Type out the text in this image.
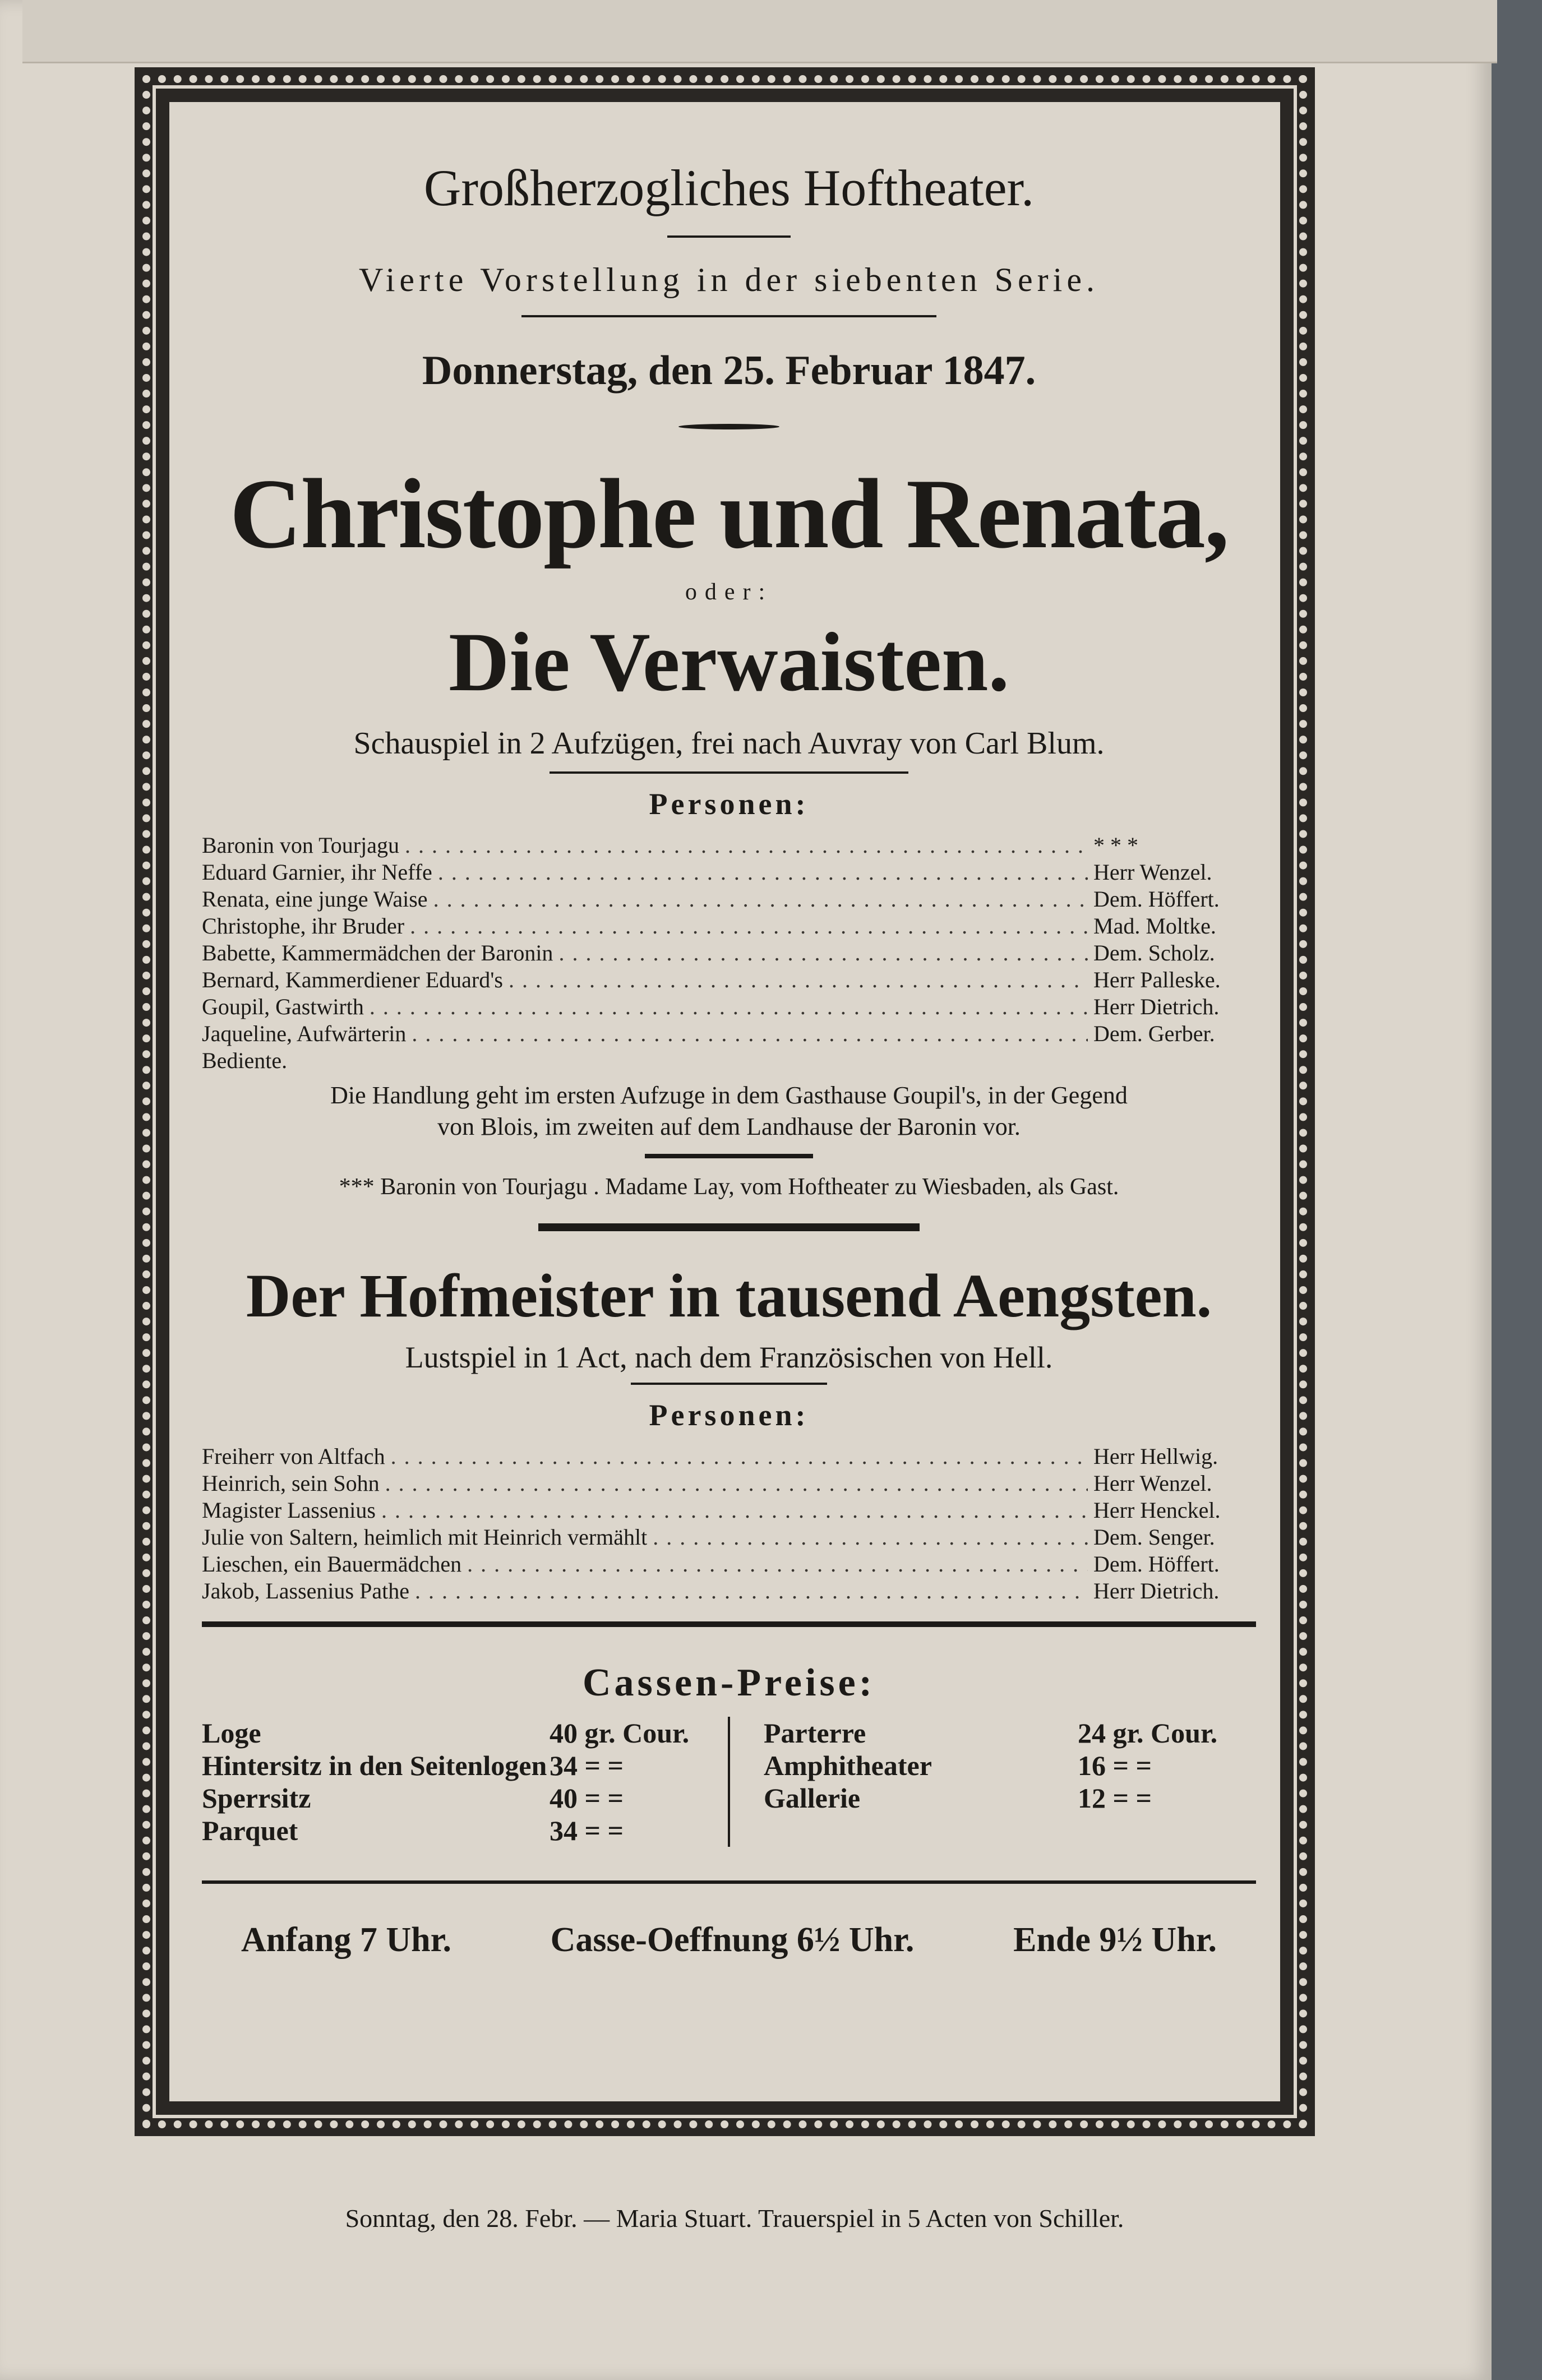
Großherzogliches Hoftheater.
Vierte Vorstellung in der siebenten Serie.
Donnerstag, den 25. Februar 1847.
Christophe und Renata,
oder:
Die Verwaisten.
Schauspiel in 2 Aufzügen, frei nach Auvray von Carl Blum.
Personen:
Baronin von Tourjagu .....	* * *
Eduard Garnier, ihr Neffe .....	Herr Wenzel.
Renata, eine junge Waise .....	Dem. Höffert.
Christophe, ihr Bruder .....	Mad. Moltke.
Babette, Kammermädchen der Baronin .....	Dem. Scholz.
Bernard, Kammerdiener Eduard's .....	Herr Palleske.
Goupil, Gastwirth .....	Herr Dietrich.
Jaqueline, Aufwärterin .....	Dem. Gerber.
Bediente.
Die Handlung geht im ersten Aufzuge in dem Gasthause Goupil's, in der Gegend
von Blois, im zweiten auf dem Landhause der Baronin vor.
*** Baronin von Tourjagu . Madame Lay, vom Hoftheater zu Wiesbaden, als Gast.
Der Hofmeister in tausend Aengsten.
Lustspiel in 1 Act, nach dem Französischen von Hell.
Personen:
Freiherr von Altfach .....	Herr Hellwig.
Heinrich, sein Sohn .....	Herr Wenzel.
Magister Lassenius .....	Herr Henckel.
Julie von Saltern, heimlich mit Heinrich vermählt .....	Dem. Senger.
Lieschen, ein Bauermädchen .....	Dem. Höffert.
Jakob, Lassenius Pathe .....	Herr Dietrich.
Cassen-Preise:
Loge	40 gr. Cour.
Hintersitz in den Seitenlogen 34 = =
Sperrsitz	40 = =
Parquet	34 = =
Parterre	24 gr. Cour.
Amphitheater	16 = =
Gallerie	12 = =
Anfang 7 Uhr.	Casse-Oeffnung 6½ Uhr.	Ende 9½ Uhr.
Sonntag, den 28. Febr. — Maria Stuart. Trauerspiel in 5 Acten von Schiller.
